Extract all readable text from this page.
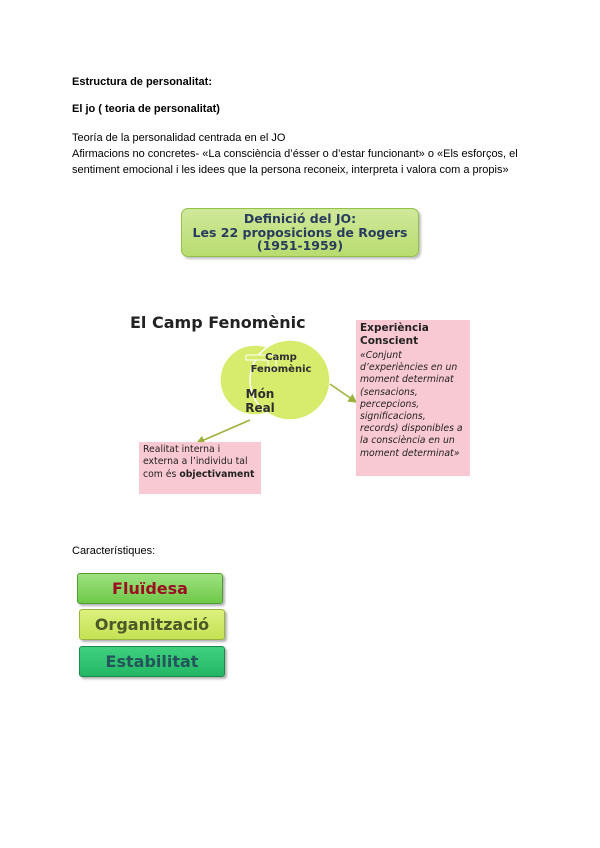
Estructura de personalitat:
El jo ( teoria de personalitat)
Teoría de la personalidad centrada en el JO
Afirmacions no concretes- «La consciència d’ésser o d’estar funcionant» o «Els esforços, el sentiment emocional i les idees que la persona reconeix, interpreta i valora com a propis»
Definició del JO:
Les 22 proposicions de Rogers
(1951-1959)
El Camp Fenomènic
Camp
Fenomènic
Món
Real
Experiència
Conscient
«Conjunt d’experiències en un moment determinat (sensacions, percepcions, significacions, records) disponibles a la consciència en un moment determinat»
Realitat interna i externa a l’individu tal com és objectivament
Característiques:
Fluïdesa
Organització
Estabilitat
